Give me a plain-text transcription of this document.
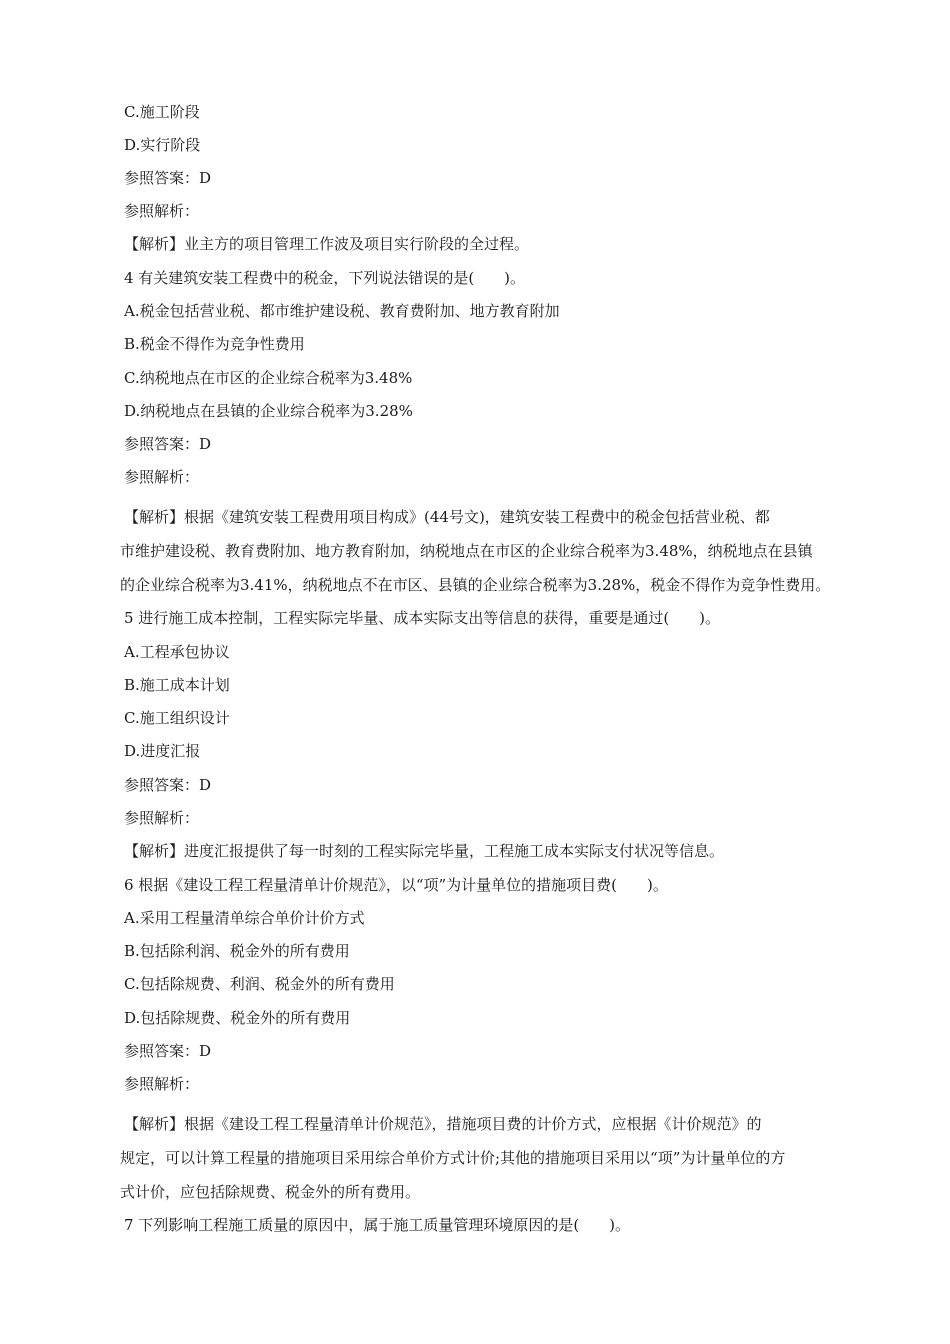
C.施工阶段
D.实行阶段
参照答案：D
参照解析：
【解析】业主方的项目管理工作波及项目实行阶段的全过程。
4 有关建筑安装工程费中的税金，下列说法错误的是(　　)。
A.税金包括营业税、都市维护建设税、教育费附加、地方教育附加
B.税金不得作为竞争性费用
C.纳税地点在市区的企业综合税率为3.48%
D.纳税地点在县镇的企业综合税率为3.28%
参照答案：D
参照解析：
【解析】根据《建筑安装工程费用项目构成》(44号文)，建筑安装工程费中的税金包括营业税、都
市维护建设税、教育费附加、地方教育附加，纳税地点在市区的企业综合税率为3.48%，纳税地点在县镇
的企业综合税率为3.41%，纳税地点不在市区、县镇的企业综合税率为3.28%，税金不得作为竞争性费用。
5 进行施工成本控制，工程实际完毕量、成本实际支出等信息的获得，重要是通过(　　)。
A.工程承包协议
B.施工成本计划
C.施工组织设计
D.进度汇报
参照答案：D
参照解析：
【解析】进度汇报提供了每一时刻的工程实际完毕量，工程施工成本实际支付状况等信息。
6 根据《建设工程工程量清单计价规范》，以“项”为计量单位的措施项目费(　　)。
A.采用工程量清单综合单价计价方式
B.包括除利润、税金外的所有费用
C.包括除规费、利润、税金外的所有费用
D.包括除规费、税金外的所有费用
参照答案：D
参照解析：
【解析】根据《建设工程工程量清单计价规范》，措施项目费的计价方式，应根据《计价规范》的
规定，可以计算工程量的措施项目采用综合单价方式计价;其他的措施项目采用以“项”为计量单位的方
式计价，应包括除规费、税金外的所有费用。
7 下列影响工程施工质量的原因中，属于施工质量管理环境原因的是(　　)。
